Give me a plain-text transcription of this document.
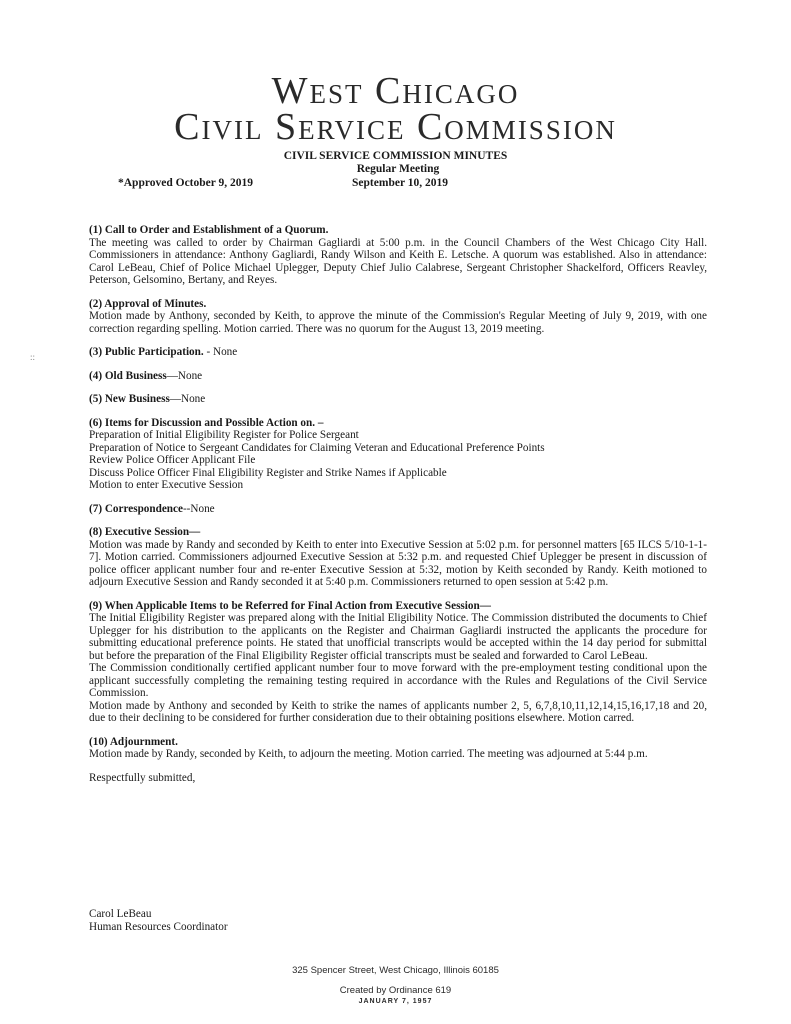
West Chicago
Civil Service Commission
CIVIL SERVICE COMMISSION MINUTES
Regular Meeting
*Approved October 9, 2019	September 10, 2019
::
(1) Call to Order and Establishment of a Quorum.
The meeting was called to order by Chairman Gagliardi at 5:00 p.m. in the Council Chambers of the West Chicago City Hall. Commissioners in attendance: Anthony Gagliardi, Randy Wilson and Keith E. Letsche. A quorum was established. Also in attendance: Carol LeBeau, Chief of Police Michael Uplegger, Deputy Chief Julio Calabrese, Sergeant Christopher Shackelford, Officers Reavley, Peterson, Gelsomino, Bertany, and Reyes.
(2) Approval of Minutes.
Motion made by Anthony, seconded by Keith, to approve the minute of the Commission's Regular Meeting of July 9, 2019, with one correction regarding spelling. Motion carried. There was no quorum for the August 13, 2019 meeting.
(3) Public Participation. - None
(4) Old Business—None
(5) New Business—None
(6) Items for Discussion and Possible Action on. –
Preparation of Initial Eligibility Register for Police Sergeant
Preparation of Notice to Sergeant Candidates for Claiming Veteran and Educational Preference Points
Review Police Officer Applicant File
Discuss Police Officer Final Eligibility Register and Strike Names if Applicable
Motion to enter Executive Session
(7) Correspondence--None
(8) Executive Session—
Motion was made by Randy and seconded by Keith to enter into Executive Session at 5:02 p.m. for personnel matters [65 ILCS 5/10-1-1-7]. Motion carried. Commissioners adjourned Executive Session at 5:32 p.m. and requested Chief Uplegger be present in discussion of police officer applicant number four and re-enter Executive Session at 5:32, motion by Keith seconded by Randy. Keith motioned to adjourn Executive Session and Randy seconded it at 5:40 p.m. Commissioners returned to open session at 5:42 p.m.
(9) When Applicable Items to be Referred for Final Action from Executive Session—
The Initial Eligibility Register was prepared along with the Initial Eligibility Notice. The Commission distributed the documents to Chief Uplegger for his distribution to the applicants on the Register and Chairman Gagliardi instructed the applicants the procedure for submitting educational preference points. He stated that unofficial transcripts would be accepted within the 14 day period for submittal but before the preparation of the Final Eligibility Register official transcripts must be sealed and forwarded to Carol LeBeau.
The Commission conditionally certified applicant number four to move forward with the pre-employment testing conditional upon the applicant successfully completing the remaining testing required in accordance with the Rules and Regulations of the Civil Service Commission.
Motion made by Anthony and seconded by Keith to strike the names of applicants number 2, 5, 6,7,8,10,11,12,14,15,16,17,18 and 20, due to their declining to be considered for further consideration due to their obtaining positions elsewhere. Motion carred.
(10) Adjournment.
Motion made by Randy, seconded by Keith, to adjourn the meeting. Motion carried. The meeting was adjourned at 5:44 p.m.
Respectfully submitted,
Carol LeBeau
Human Resources Coordinator
325 Spencer Street, West Chicago, Illinois 60185
Created by Ordinance 619
JANUARY 7, 1957
